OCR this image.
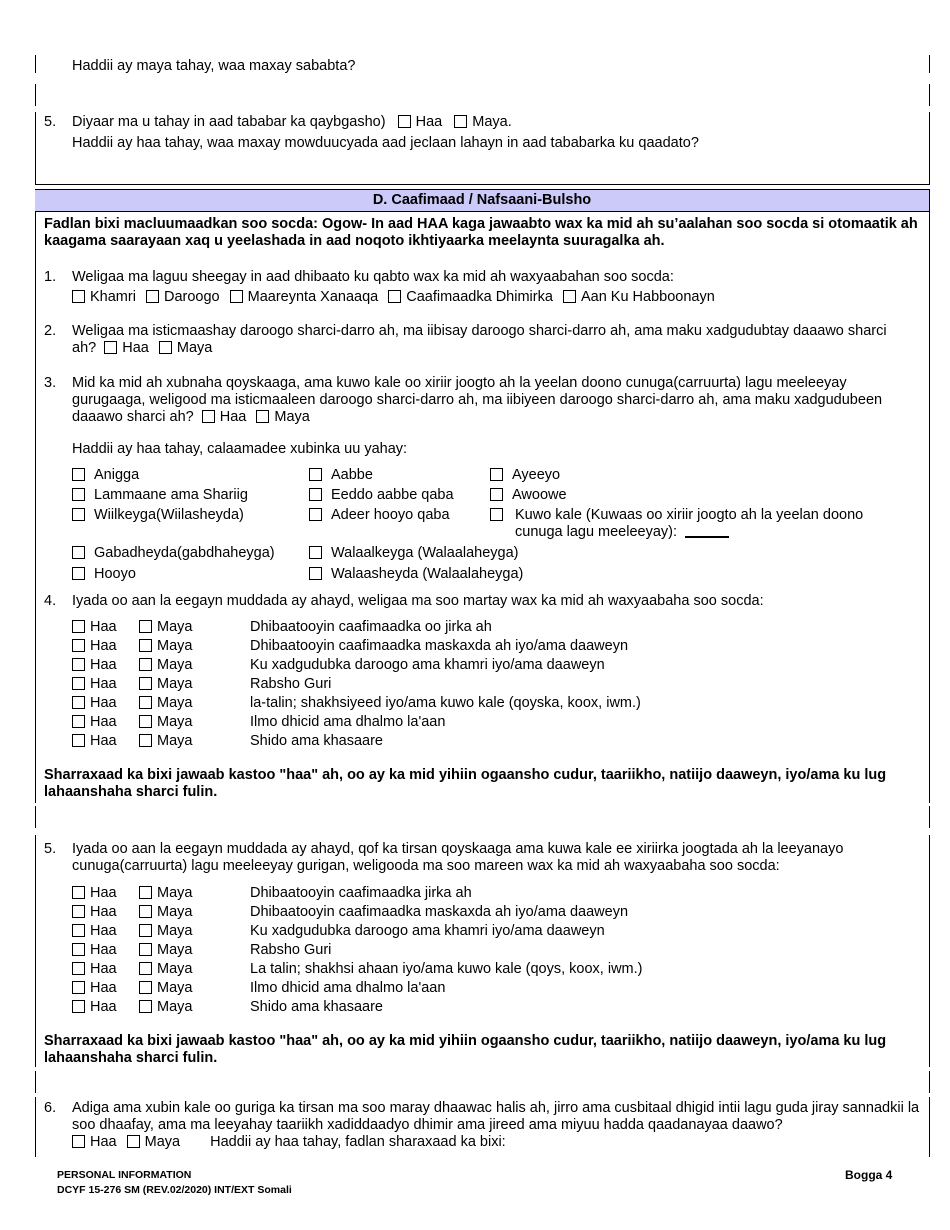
Haddii ay maya tahay, waa maxay sababta?
5. Diyaar ma u tahay in aad tababar ka qaybgasho) Haa Maya.
Haddii ay haa tahay, waa maxay mowduucyada aad jeclaan lahayn in aad tababarka ku qaadato?
D. Caafimaad / Nafsaani-Bulsho
Fadlan bixi macluumaadkan soo socda: Ogow- In aad HAA kaga jawaabto wax ka mid ah su’aalahan soo socda si otomaatik ah kaagama saarayaan xaq u yeelashada in aad noqoto ikhtiyaarka meelaynta suuragalka ah.
1. Weligaa ma laguu sheegay in aad dhibaato ku qabto wax ka mid ah waxyaabahan soo socda:
Khamri Daroogo Maareynta Xanaaqa Caafimaadka Dhimirka Aan Ku Habboonayn
2. Weligaa ma isticmaashay daroogo sharci-darro ah, ma iibisay daroogo sharci-darro ah, ama maku xadgudubtay daaawo sharci ah? Haa Maya
3. Mid ka mid ah xubnaha qoyskaaga, ama kuwo kale oo xiriir joogto ah la yeelan doono cunuga(carruurta) lagu meeleeyay gurugaaga, weligood ma isticmaaleen daroogo sharci-darro ah, ma iibiyeen daroogo sharci-darro ah, ama maku xadgudubeen daaawo sharci ah? Haa Maya
Haddii ay haa tahay, calaamadee xubinka uu yahay:
Anigga	Aabbe	Ayeeyo
Lammaane ama Shariig	Eeddo aabbe qaba	Awoowe
Wiilkeyga(Wiilasheyda)	Adeer hooyo qaba	Kuwo kale (Kuwaas oo xiriir joogto ah la yeelan doono cunuga lagu meeleeyay):
Gabadheyda(gabdhaheyga)	Walaalkeyga (Walaalaheyga)
Hooyo	Walaasheyda (Walaalaheyga)
4. Iyada oo aan la eegayn muddada ay ahayd, weligaa ma soo martay wax ka mid ah waxyaabaha soo socda:
Haa	Maya	Dhibaatooyin caafimaadka oo jirka ah
Haa	Maya	Dhibaatooyin caafimaadka maskaxda ah iyo/ama daaweyn
Haa	Maya	Ku xadgudubka daroogo ama khamri iyo/ama daaweyn
Haa	Maya	Rabsho Guri
Haa	Maya	la-talin; shakhsiyeed iyo/ama kuwo kale (qoyska, koox, iwm.)
Haa	Maya	Ilmo dhicid ama dhalmo la'aan
Haa	Maya	Shido ama khasaare
Sharraxaad ka bixi jawaab kastoo "haa" ah, oo ay ka mid yihiin ogaansho cudur, taariikho, natiijo daaweyn, iyo/ama ku lug lahaanshaha sharci fulin.
5. Iyada oo aan la eegayn muddada ay ahayd, qof ka tirsan qoyskaaga ama kuwa kale ee xiriirka joogtada ah la leeyanayo cunuga(carruurta) lagu meeleeyay gurigan, weligooda ma soo mareen wax ka mid ah waxyaabaha soo socda:
Haa	Maya	Dhibaatooyin caafimaadka jirka ah
Haa	Maya	Dhibaatooyin caafimaadka maskaxda ah iyo/ama daaweyn
Haa	Maya	Ku xadgudubka daroogo ama khamri iyo/ama daaweyn
Haa	Maya	Rabsho Guri
Haa	Maya	La talin; shakhsi ahaan iyo/ama kuwo kale (qoys, koox, iwm.)
Haa	Maya	Ilmo dhicid ama dhalmo la'aan
Haa	Maya	Shido ama khasaare
Sharraxaad ka bixi jawaab kastoo "haa" ah, oo ay ka mid yihiin ogaansho cudur, taariikho, natiijo daaweyn, iyo/ama ku lug lahaanshaha sharci fulin.
6. Adiga ama xubin kale oo guriga ka tirsan ma soo maray dhaawac halis ah, jirro ama cusbitaal dhigid intii lagu guda jiray sannadkii la soo dhaafay, ama ma leeyahay taariikh xadiddaadyo dhimir ama jireed ama miyuu hadda qaadanayaa daawo?
Haa Maya Haddii ay haa tahay, fadlan sharaxaad ka bixi:
PERSONAL INFORMATION
DCYF 15-276 SM (REV.02/2020) INT/EXT Somali
Bogga 4
